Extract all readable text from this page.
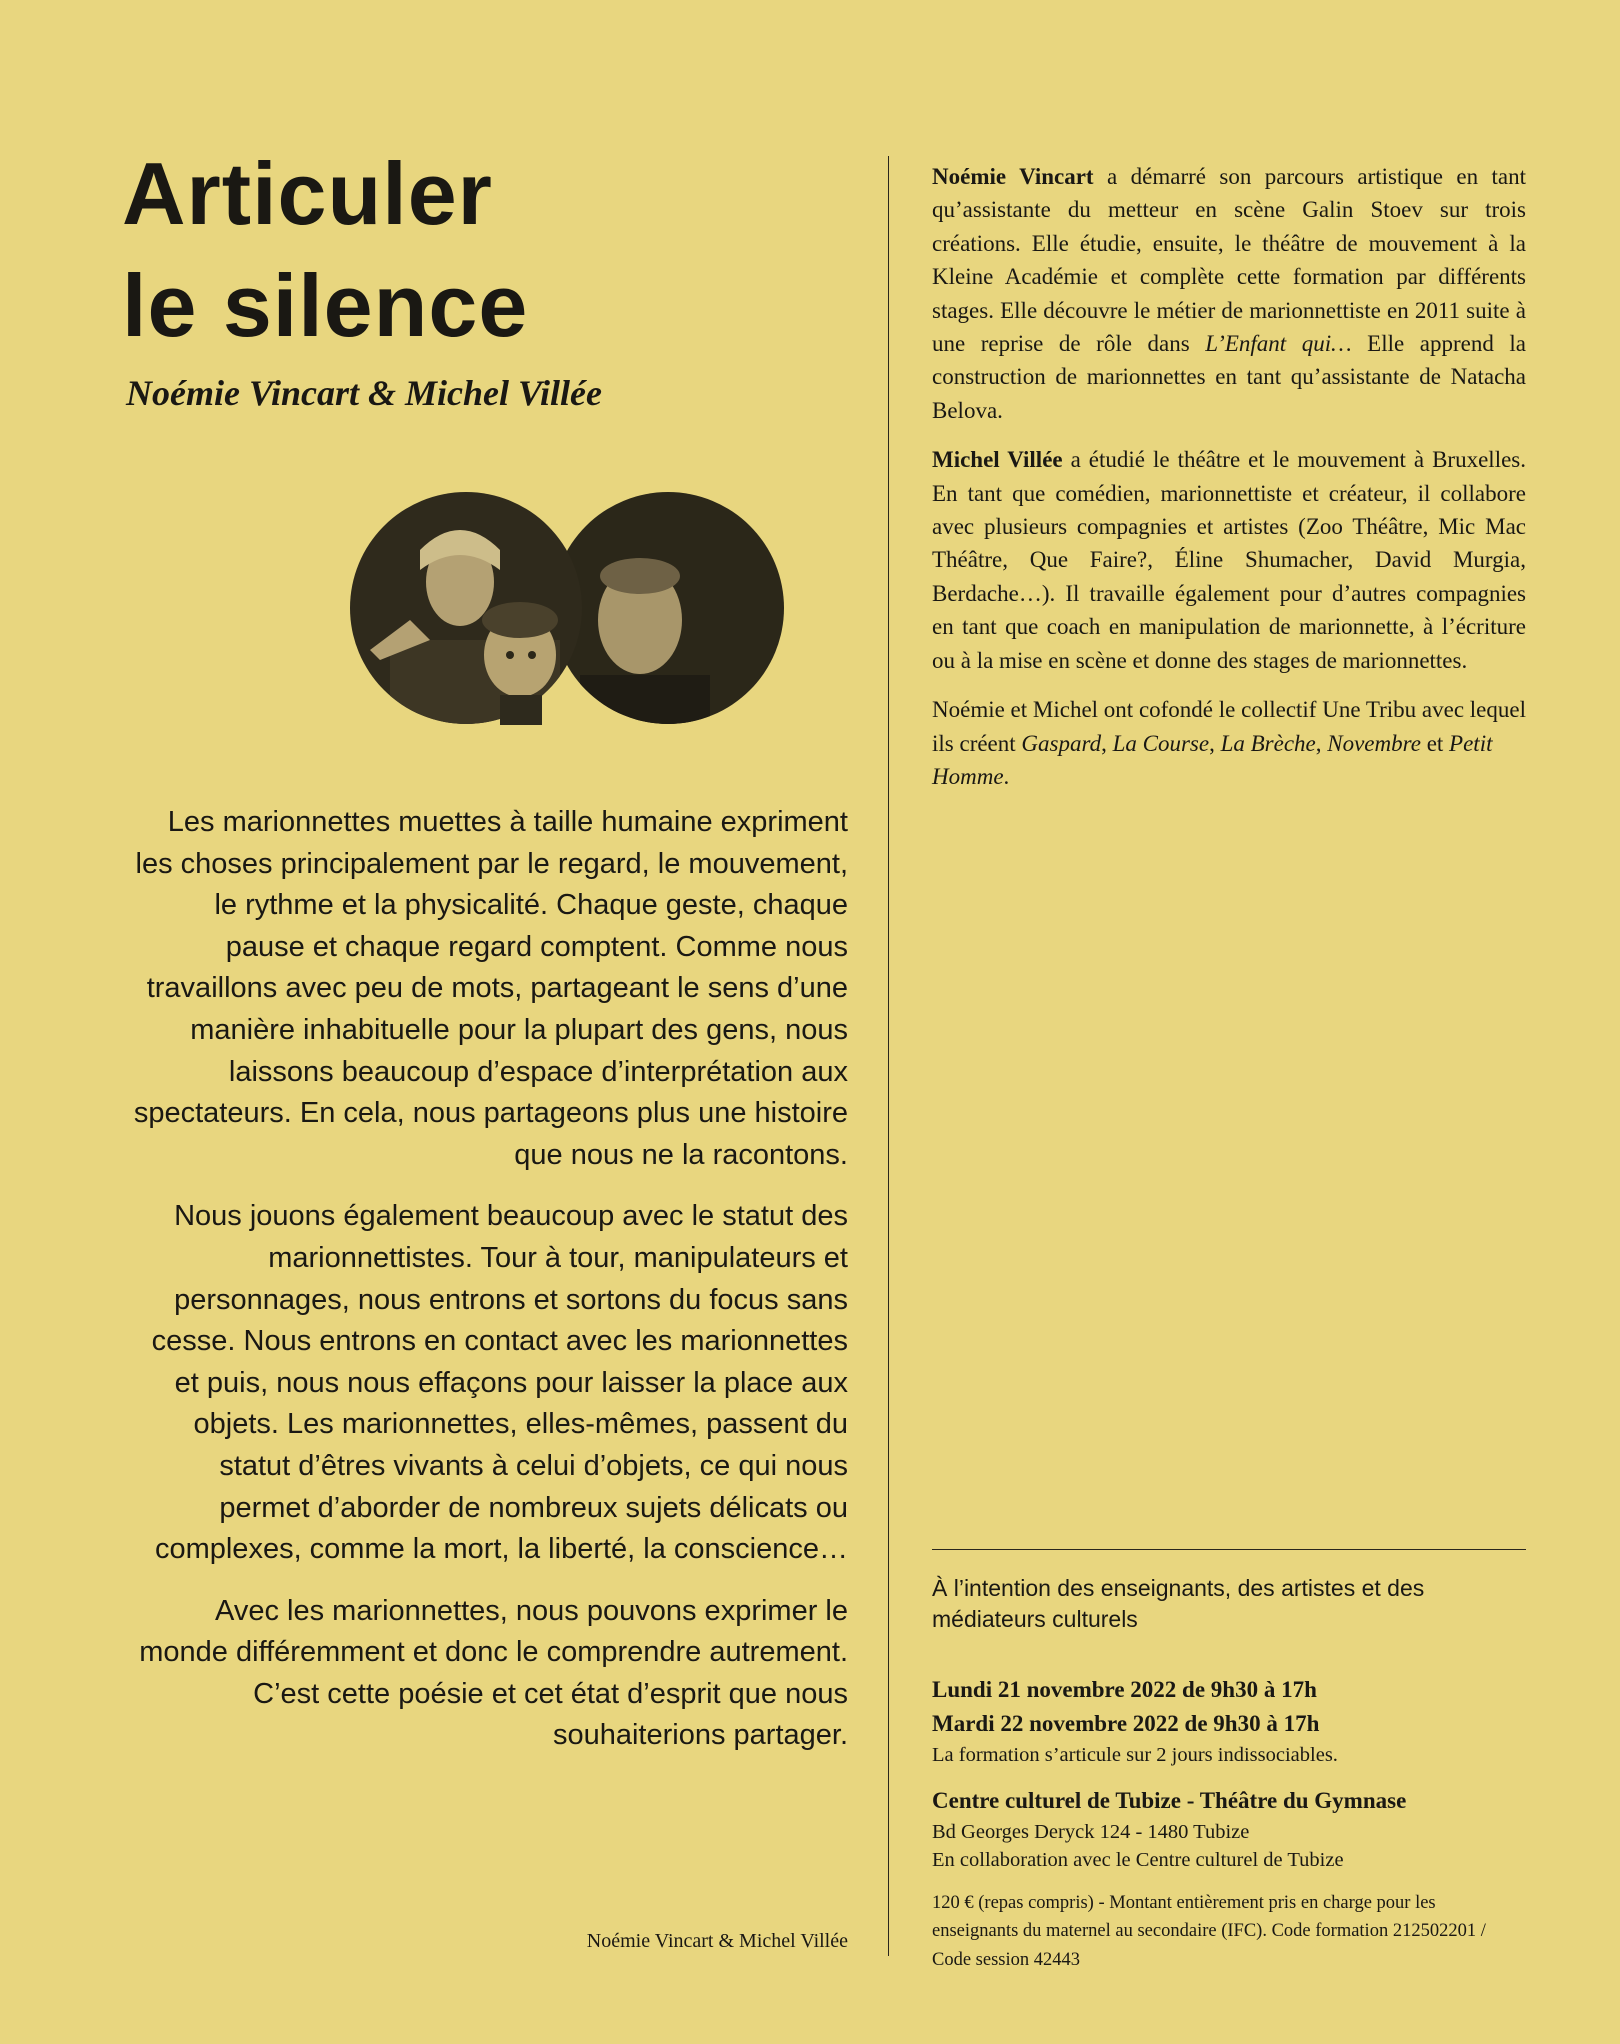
Articuler
le silence

Noémie Vincart & Michel Villée

Les marionnettes muettes à taille humaine expriment les choses principalement par le regard, le mouvement, le rythme et la physicalité. Chaque geste, chaque pause et chaque regard comptent. Comme nous travaillons avec peu de mots, partageant le sens d’une manière inhabituelle pour la plupart des gens, nous laissons beaucoup d’espace d’interprétation aux spectateurs. En cela, nous partageons plus une histoire que nous ne la racontons.

Nous jouons également beaucoup avec le statut des marionnettistes. Tour à tour, manipulateurs et personnages, nous entrons et sortons du focus sans cesse. Nous entrons en contact avec les marionnettes et puis, nous nous effaçons pour laisser la place aux objets. Les marionnettes, elles-mêmes, passent du statut d’êtres vivants à celui d’objets, ce qui nous permet d’aborder de nombreux sujets délicats ou complexes, comme la mort, la liberté, la conscience…

Avec les marionnettes, nous pouvons exprimer le monde différemment et donc le comprendre autrement. C’est cette poésie et cet état d’esprit que nous souhaiterions partager.

Noémie Vincart & Michel Villée

Noémie Vincart a démarré son parcours artistique en tant qu’assistante du metteur en scène Galin Stoev sur trois créations. Elle étudie, ensuite, le théâtre de mouvement à la Kleine Académie et complète cette formation par différents stages. Elle découvre le métier de marionnettiste en 2011 suite à une reprise de rôle dans L’Enfant qui… Elle apprend la construction de marionnettes en tant qu’assistante de Natacha Belova.

Michel Villée a étudié le théâtre et le mouvement à Bruxelles. En tant que comédien, marionnettiste et créateur, il collabore avec plusieurs compagnies et artistes (Zoo Théâtre, Mic Mac Théâtre, Que Faire?, Éline Shumacher, David Murgia, Berdache…). Il travaille également pour d’autres compagnies en tant que coach en manipulation de marionnette, à l’écriture ou à la mise en scène et donne des stages de marionnettes.

Noémie et Michel ont cofondé le collectif Une Tribu avec lequel ils créent Gaspard, La Course, La Brèche, Novembre et Petit Homme.

À l’intention des enseignants, des artistes et des médiateurs culturels

Lundi 21 novembre 2022 de 9h30 à 17h

Mardi 22 novembre 2022 de 9h30 à 17h

La formation s’articule sur 2 jours indissociables.

Centre culturel de Tubize - Théâtre du Gymnase

Bd Georges Deryck 124 - 1480 Tubize

En collaboration avec le Centre culturel de Tubize

120 € (repas compris) - Montant entièrement pris en charge pour les enseignants du maternel au secondaire (IFC). Code formation 212502201 / Code session 42443
